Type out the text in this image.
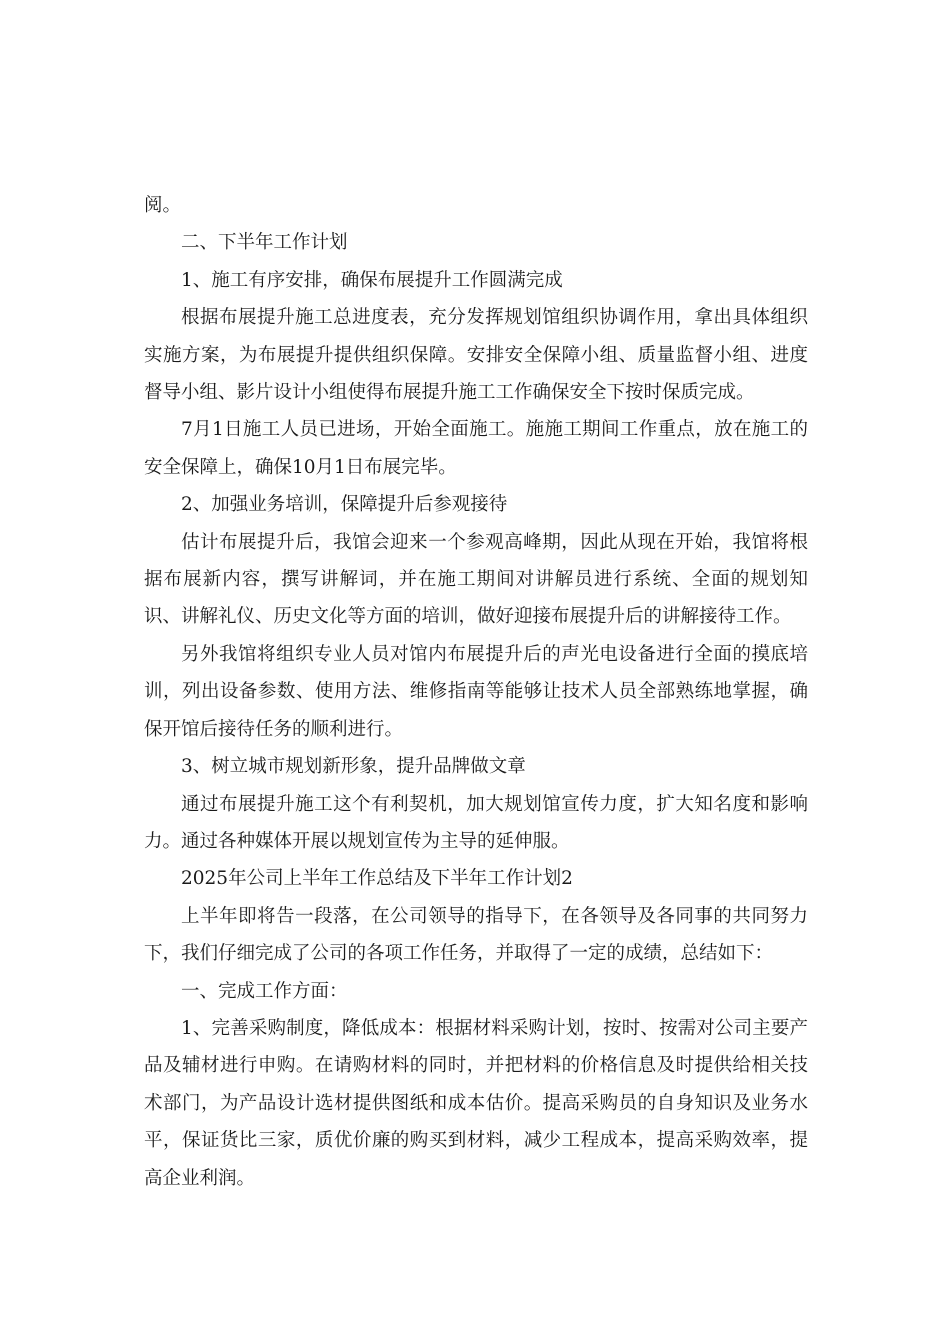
阅。

二、下半年工作计划

1、施工有序安排，确保布展提升工作圆满完成

根据布展提升施工总进度表，充分发挥规划馆组织协调作用，拿出具体组织实施方案，为布展提升提供组织保障。安排安全保障小组、质量监督小组、进度督导小组、影片设计小组使得布展提升施工工作确保安全下按时保质完成。

7月1日施工人员已进场，开始全面施工。施施工期间工作重点，放在施工的安全保障上，确保10月1日布展完毕。

2、加强业务培训，保障提升后参观接待

估计布展提升后，我馆会迎来一个参观高峰期，因此从现在开始，我馆将根据布展新内容，撰写讲解词，并在施工期间对讲解员进行系统、全面的规划知识、讲解礼仪、历史文化等方面的培训，做好迎接布展提升后的讲解接待工作。

另外我馆将组织专业人员对馆内布展提升后的声光电设备进行全面的摸底培训，列出设备参数、使用方法、维修指南等能够让技术人员全部熟练地掌握，确保开馆后接待任务的顺利进行。

3、树立城市规划新形象，提升品牌做文章

通过布展提升施工这个有利契机，加大规划馆宣传力度，扩大知名度和影响力。通过各种媒体开展以规划宣传为主导的延伸服。

2025年公司上半年工作总结及下半年工作计划2

上半年即将告一段落，在公司领导的指导下，在各领导及各同事的共同努力下，我们仔细完成了公司的各项工作任务，并取得了一定的成绩，总结如下：

一、完成工作方面：

1、完善采购制度，降低成本：根据材料采购计划，按时、按需对公司主要产品及辅材进行申购。在请购材料的同时，并把材料的价格信息及时提供给相关技术部门，为产品设计选材提供图纸和成本估价。提高采购员的自身知识及业务水平，保证货比三家，质优价廉的购买到材料，减少工程成本，提高采购效率，提高企业利润。
